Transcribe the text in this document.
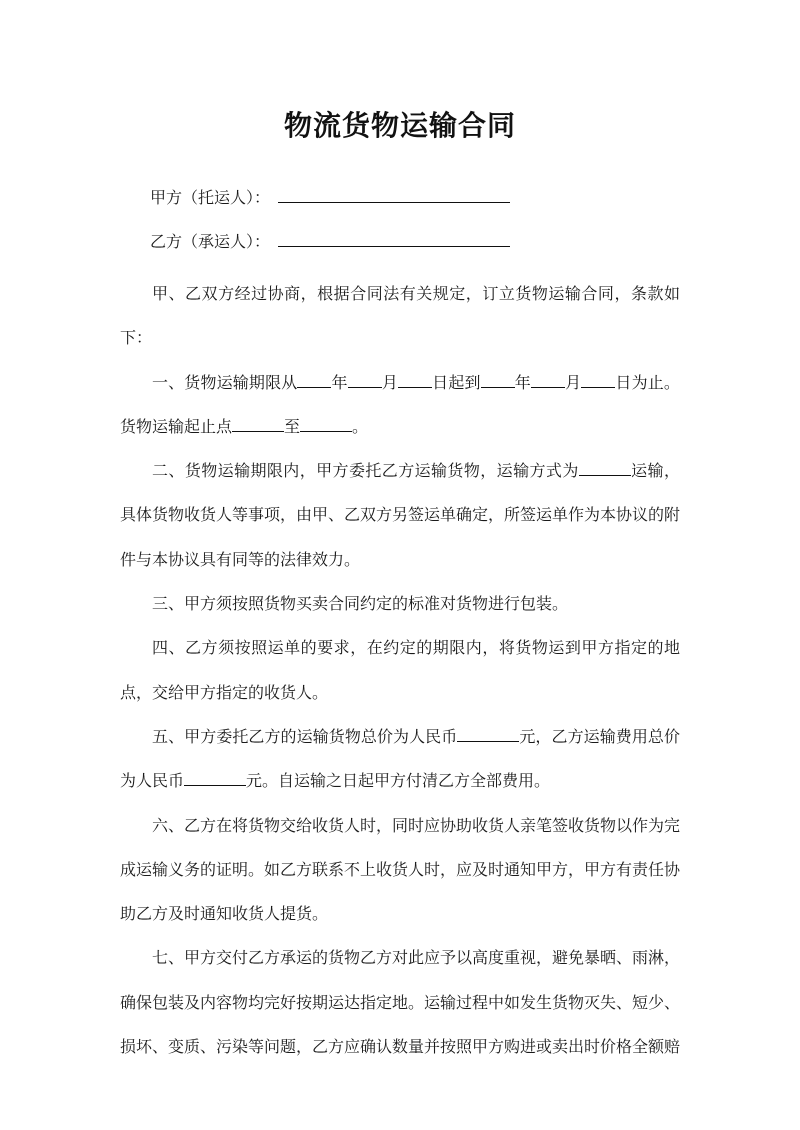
物流货物运输合同
甲方（托运人）：
乙方（承运人）：

甲、乙双方经过协商，根据合同法有关规定，订立货物运输合同，条款如下：

一、货物运输期限从 年 月 日起到 年 月 日为止。货物运输起止点	至	。

二、货物运输期限内，甲方委托乙方运输货物，运输方式为	运输，具体货物收货人等事项，由甲、乙双方另签运单确定，所签运单作为本协议的附件与本协议具有同等的法律效力。

三、甲方须按照货物买卖合同约定的标准对货物进行包装。

四、乙方须按照运单的要求，在约定的期限内，将货物运到甲方指定的地点，交给甲方指定的收货人。

五、甲方委托乙方的运输货物总价为人民币	元，乙方运输费用总价为人民币	元。自运输之日起甲方付清乙方全部费用。

六、乙方在将货物交给收货人时，同时应协助收货人亲笔签收货物以作为完成运输义务的证明。如乙方联系不上收货人时，应及时通知甲方，甲方有责任协助乙方及时通知收货人提货。

七、甲方交付乙方承运的货物乙方对此应予以高度重视，避免暴晒、雨淋，确保包装及内容物均完好按期运达指定地。运输过程中如发生货物灭失、短少、损坏、变质、污染等问题，乙方应确认数量并按照甲方购进或卖出时价格全额赔
